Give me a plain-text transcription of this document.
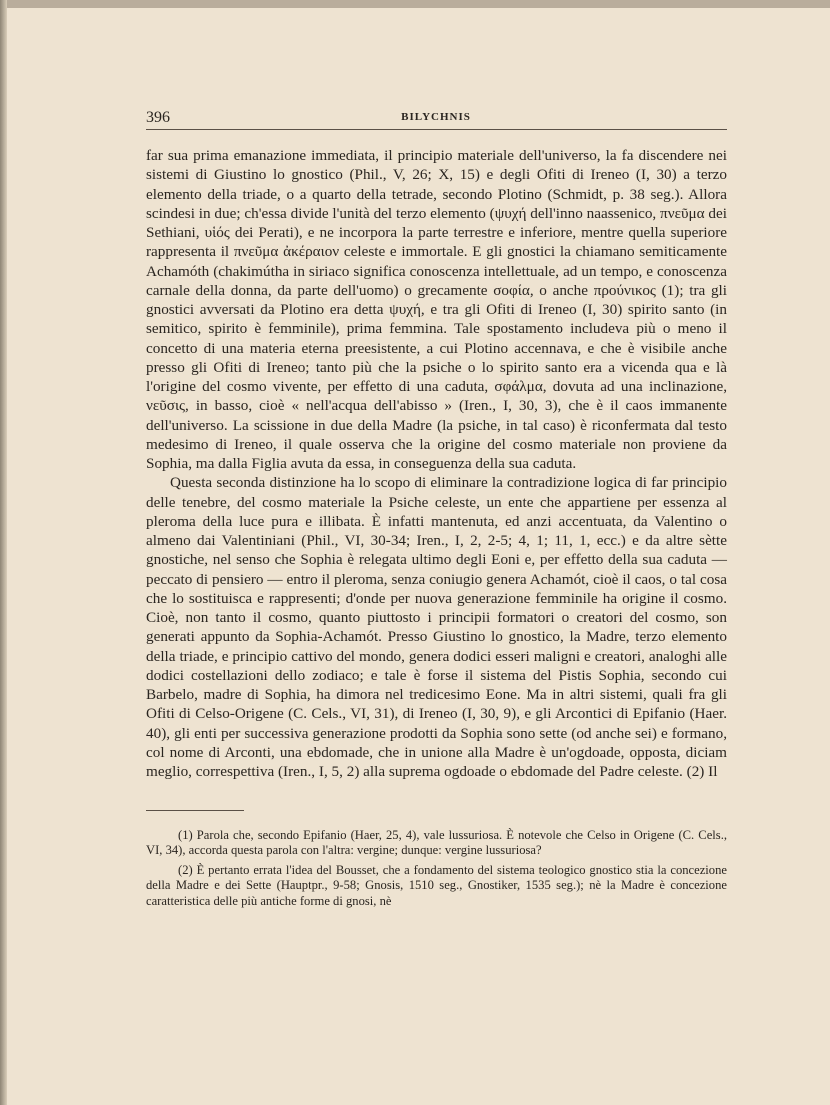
396	BILYCHNIS

far sua prima emanazione immediata, il principio materiale dell'universo, la fa discendere nei sistemi di Giustino lo gnostico (Phil., V, 26; X, 15) e degli Ofiti di Ireneo (I, 30) a terzo elemento della triade, o a quarto della tetrade, secondo Plotino (Schmidt, p. 38 seg.). Allora scindesi in due; ch'essa divide l'unità del terzo elemento (ψυχή dell'inno naassenico, πνεῦμα dei Sethiani, υἱός dei Perati), e ne incorpora la parte terrestre e inferiore, mentre quella superiore rappresenta il πνεῦμα ἀκέραιον celeste e immortale. E gli gnostici la chiamano semiticamente Achamóth (chakimútha in siriaco significa conoscenza intellettuale, ad un tempo, e conoscenza carnale della donna, da parte dell'uomo) o grecamente σοφία, o anche προύνικος (1); tra gli gnostici avversati da Plotino era detta ψυχή, e tra gli Ofiti di Ireneo (I, 30) spirito santo (in semitico, spirito è femminile), prima femmina. Tale spostamento includeva più o meno il concetto di una materia eterna preesistente, a cui Plotino accennava, e che è visibile anche presso gli Ofiti di Ireneo; tanto più che la psiche o lo spirito santo era a vicenda qua e là l'origine del cosmo vivente, per effetto di una caduta, σφάλμα, dovuta ad una inclinazione, νεῦσις, in basso, cioè « nell'acqua dell'abisso » (Iren., I, 30, 3), che è il caos immanente dell'universo. La scissione in due della Madre (la psiche, in tal caso) è riconfermata dal testo medesimo di Ireneo, il quale osserva che la origine del cosmo materiale non proviene da Sophia, ma dalla Figlia avuta da essa, in conseguenza della sua caduta.

Questa seconda distinzione ha lo scopo di eliminare la contradizione logica di far principio delle tenebre, del cosmo materiale la Psiche celeste, un ente che appartiene per essenza al pleroma della luce pura e illibata. È infatti mantenuta, ed anzi accentuata, da Valentino o almeno dai Valentiniani (Phil., VI, 30-34; Iren., I, 2, 2-5; 4, 1; 11, 1, ecc.) e da altre sètte gnostiche, nel senso che Sophia è relegata ultimo degli Eoni e, per effetto della sua caduta — peccato di pensiero — entro il pleroma, senza coniugio genera Achamót, cioè il caos, o tal cosa che lo sostituisca e rappresenti; d'onde per nuova generazione femminile ha origine il cosmo. Cioè, non tanto il cosmo, quanto piuttosto i principii formatori o creatori del cosmo, son generati appunto da Sophia-Achamót. Presso Giustino lo gnostico, la Madre, terzo elemento della triade, e principio cattivo del mondo, genera dodici esseri maligni e creatori, analoghi alle dodici costellazioni dello zodiaco; e tale è forse il sistema del Pistis Sophia, secondo cui Barbelo, madre di Sophia, ha dimora nel tredicesimo Eone. Ma in altri sistemi, quali fra gli Ofiti di Celso-Origene (C. Cels., VI, 31), di Ireneo (I, 30, 9), e gli Arcontici di Epifanio (Haer. 40), gli enti per successiva generazione prodotti da Sophia sono sette (od anche sei) e formano, col nome di Arconti, una ebdomade, che in unione alla Madre è un'ogdoade, opposta, diciam meglio, correspettiva (Iren., I, 5, 2) alla suprema ogdoade o ebdomade del Padre celeste. (2) Il

(1) Parola che, secondo Epifanio (Haer, 25, 4), vale lussuriosa. È notevole che Celso in Origene (C. Cels., VI, 34), accorda questa parola con l'altra: vergine; dunque: vergine lussuriosa?

(2) È pertanto errata l'idea del Bousset, che a fondamento del sistema teologico gnostico stia la concezione della Madre e dei Sette (Hauptpr., 9-58; Gnosis, 1510 seg., Gnostiker, 1535 seg.); nè la Madre è concezione caratteristica delle più antiche forme di gnosi, nè
